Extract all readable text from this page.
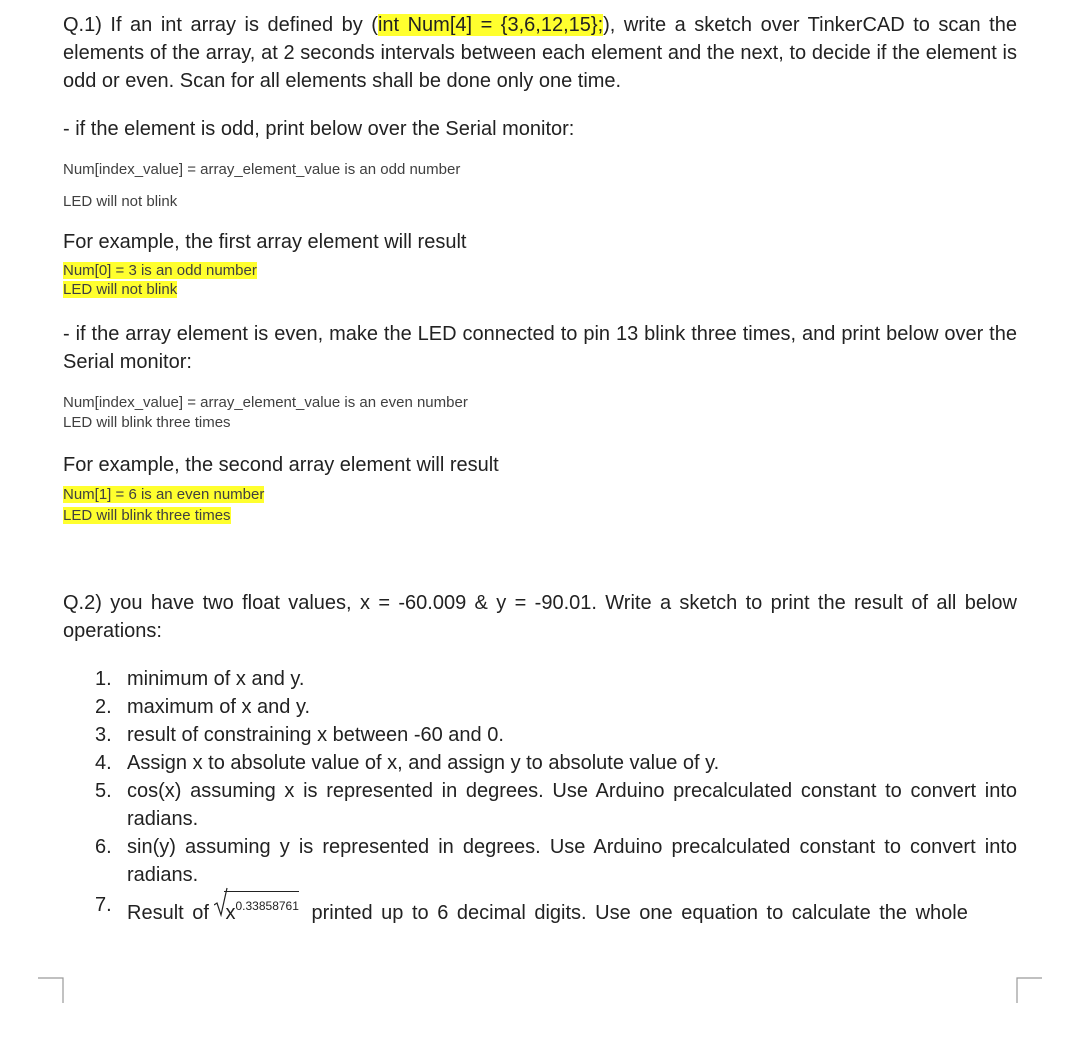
Q.1) If an int array is defined by (int Num[4] = {3,6,12,15};), write a sketch over TinkerCAD to scan the elements of the array, at 2 seconds intervals between each element and the next, to decide if the element is odd or even. Scan for all elements shall be done only one time.

- if the element is odd, print below over the Serial monitor:

Num[index_value] = array_element_value is an odd number

LED will not blink

For example, the first array element will result

Num[0] = 3 is an odd number
LED will not blink

- if the array element is even, make the LED connected to pin 13 blink three times, and print below over the Serial monitor:

Num[index_value] = array_element_value is an even number

LED will blink three times

For example, the second array element will result

Num[1] = 6 is an even number
LED will blink three times

Q.2) you have two float values, x = -60.009 & y = -90.01. Write a sketch to print the result of all below operations:

1. minimum of x and y.
2. maximum of x and y.
3. result of constraining x between -60 and 0.
4. Assign x to absolute value of x, and assign y to absolute value of y.
5. cos(x) assuming x is represented in degrees. Use Arduino precalculated constant to convert into radians.
6. sin(y) assuming y is represented in degrees. Use Arduino precalculated constant to convert into radians.
7. Result of $x^{0.33858761}$ printed up to 6 decimal digits. Use one equation to calculate the whole
